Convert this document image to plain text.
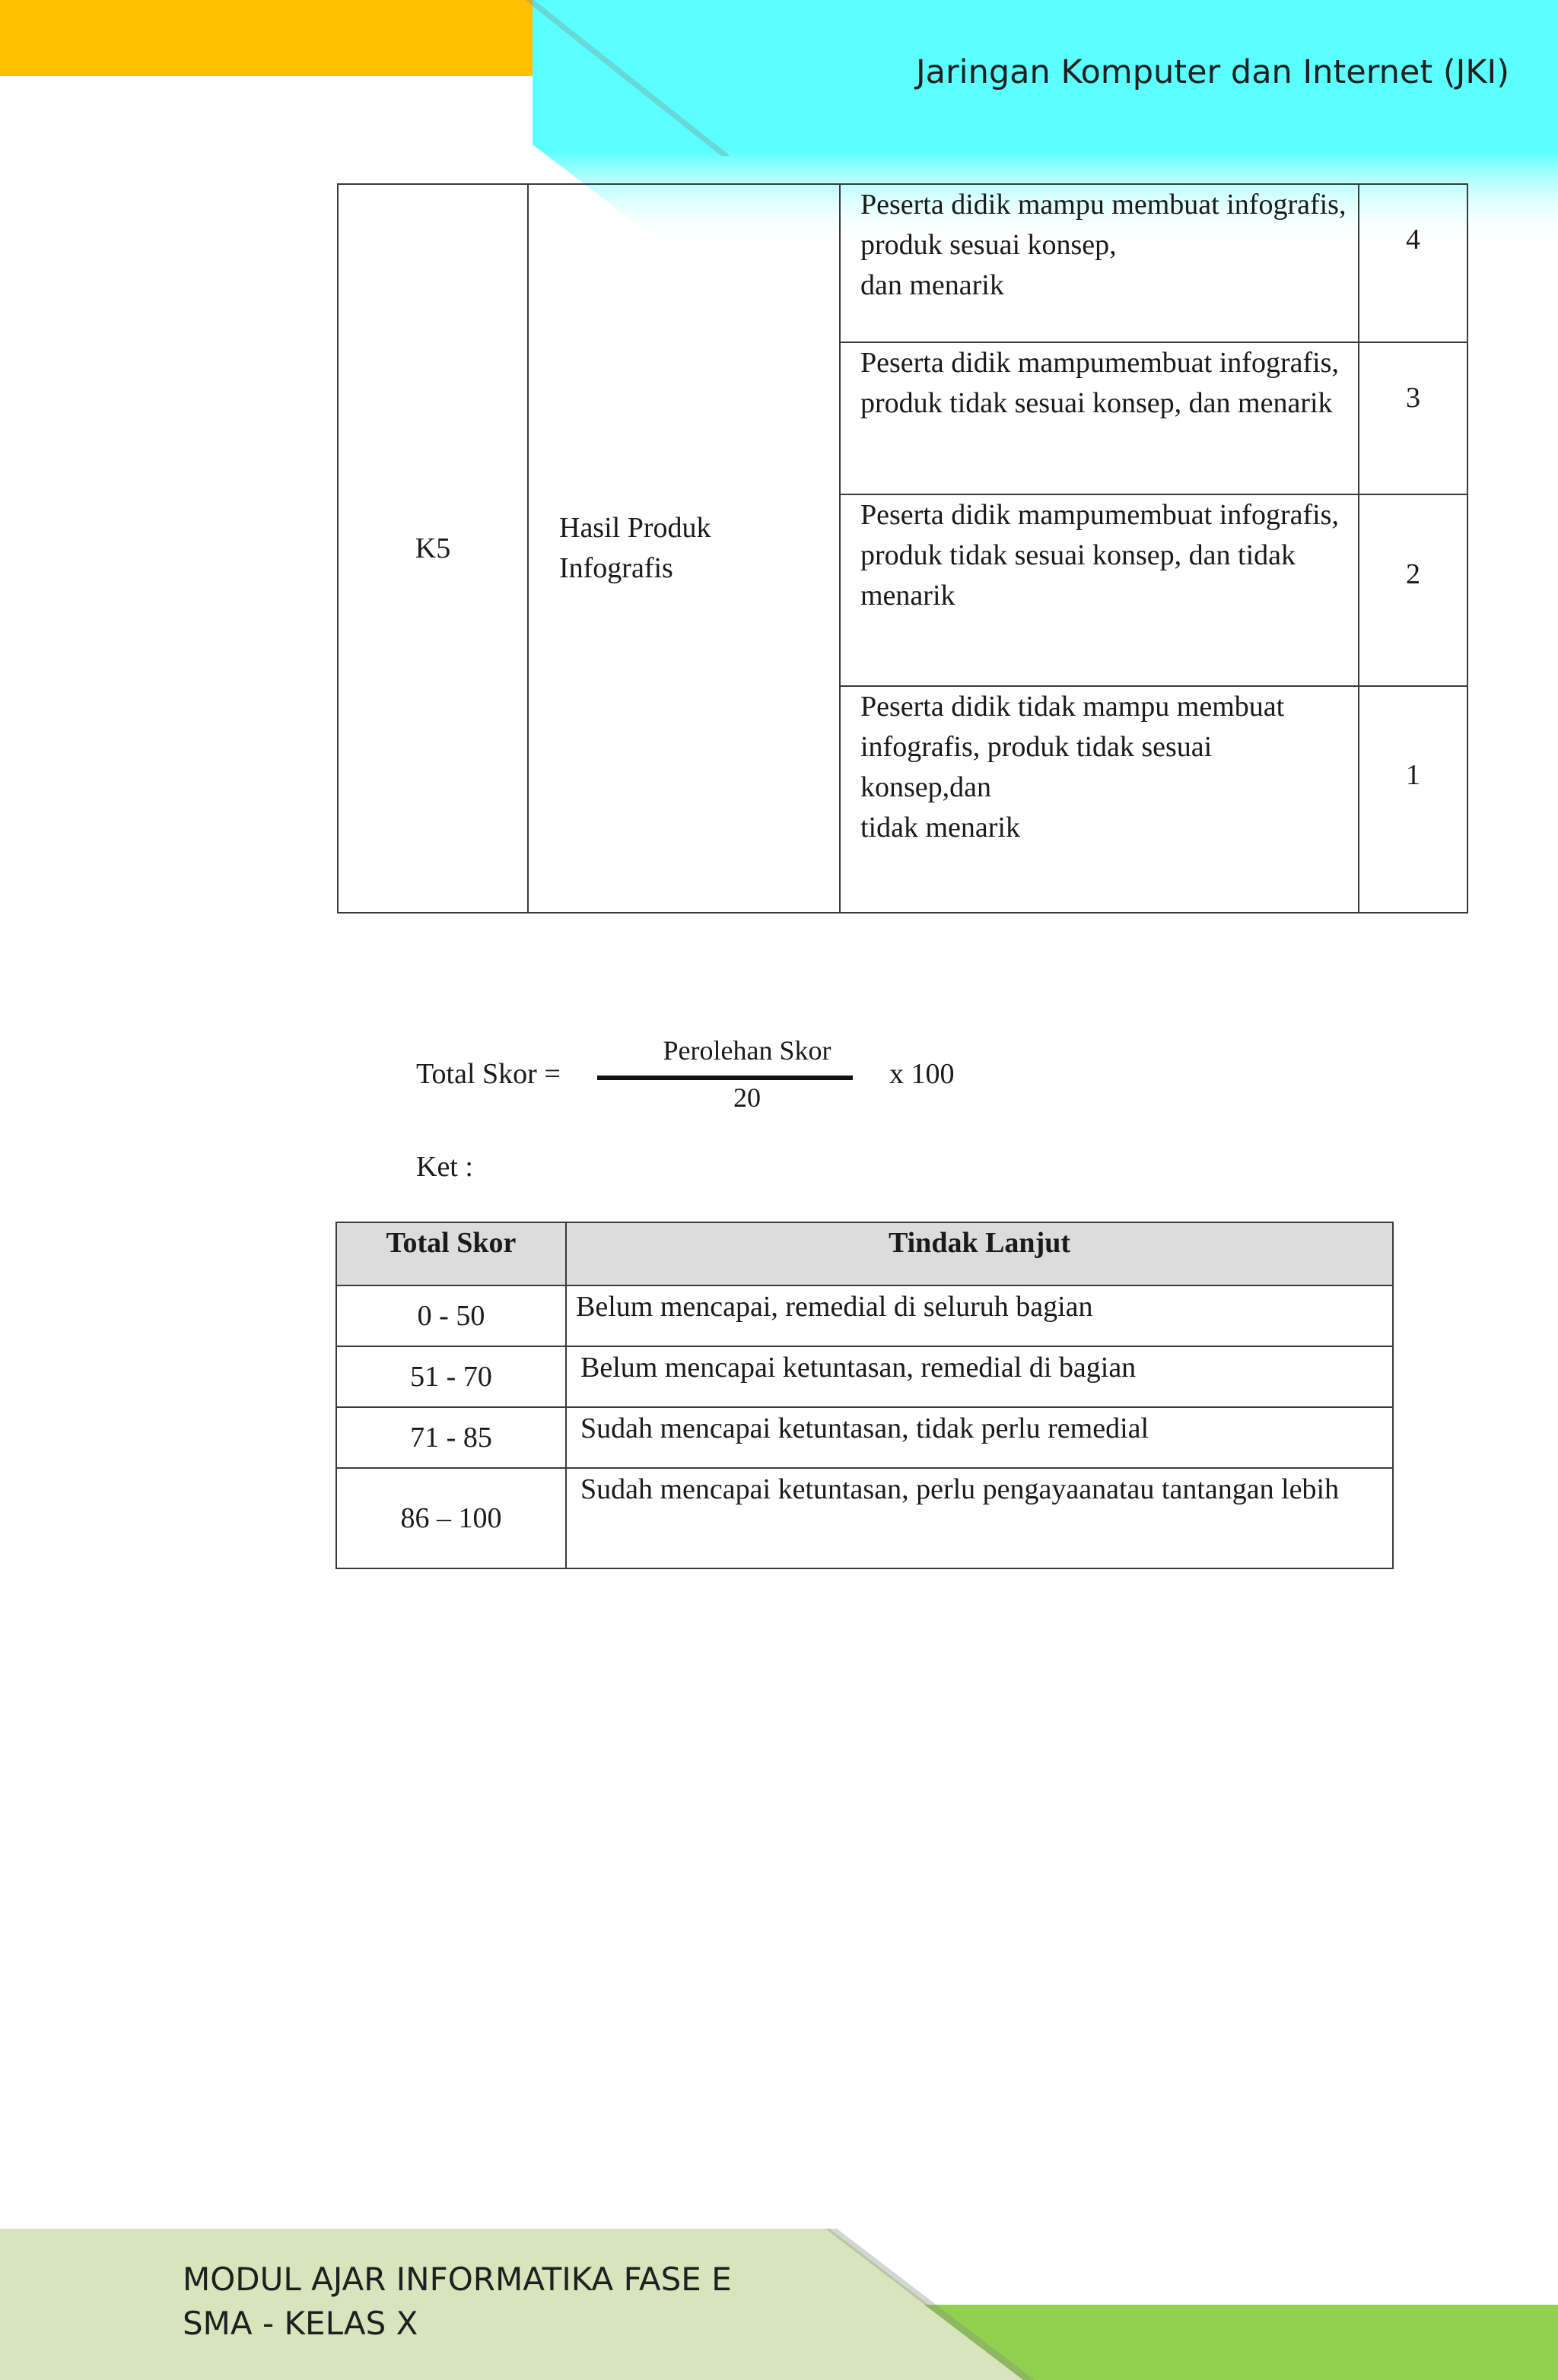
Jaringan Komputer dan Internet (JKI)
K5	Hasil Produk Infografis	Peserta didik mampu membuat infografis, produk sesuai konsep,
dan menarik	4

		Peserta didik mampumembuat infografis, produk tidak sesuai konsep, dan menarik	3

		Peserta didik mampumembuat infografis, produk tidak sesuai konsep, dan tidak
menarik	2

		Peserta didik tidak mampu membuat infografis, produk tidak sesuai konsep,dan
tidak menarik	1
Total Skor =
Perolehan Skor
20
x 100
Ket :
Total Skor	Tindak Lanjut
0 - 50	Belum mencapai, remedial di seluruh bagian
51 - 70	Belum mencapai ketuntasan, remedial di bagian
71 - 85	Sudah mencapai ketuntasan, tidak perlu remedial
86 – 100	Sudah mencapai ketuntasan, perlu pengayaanatau tantangan lebih
MODUL AJAR INFORMATIKA FASE E
SMA - KELAS X
